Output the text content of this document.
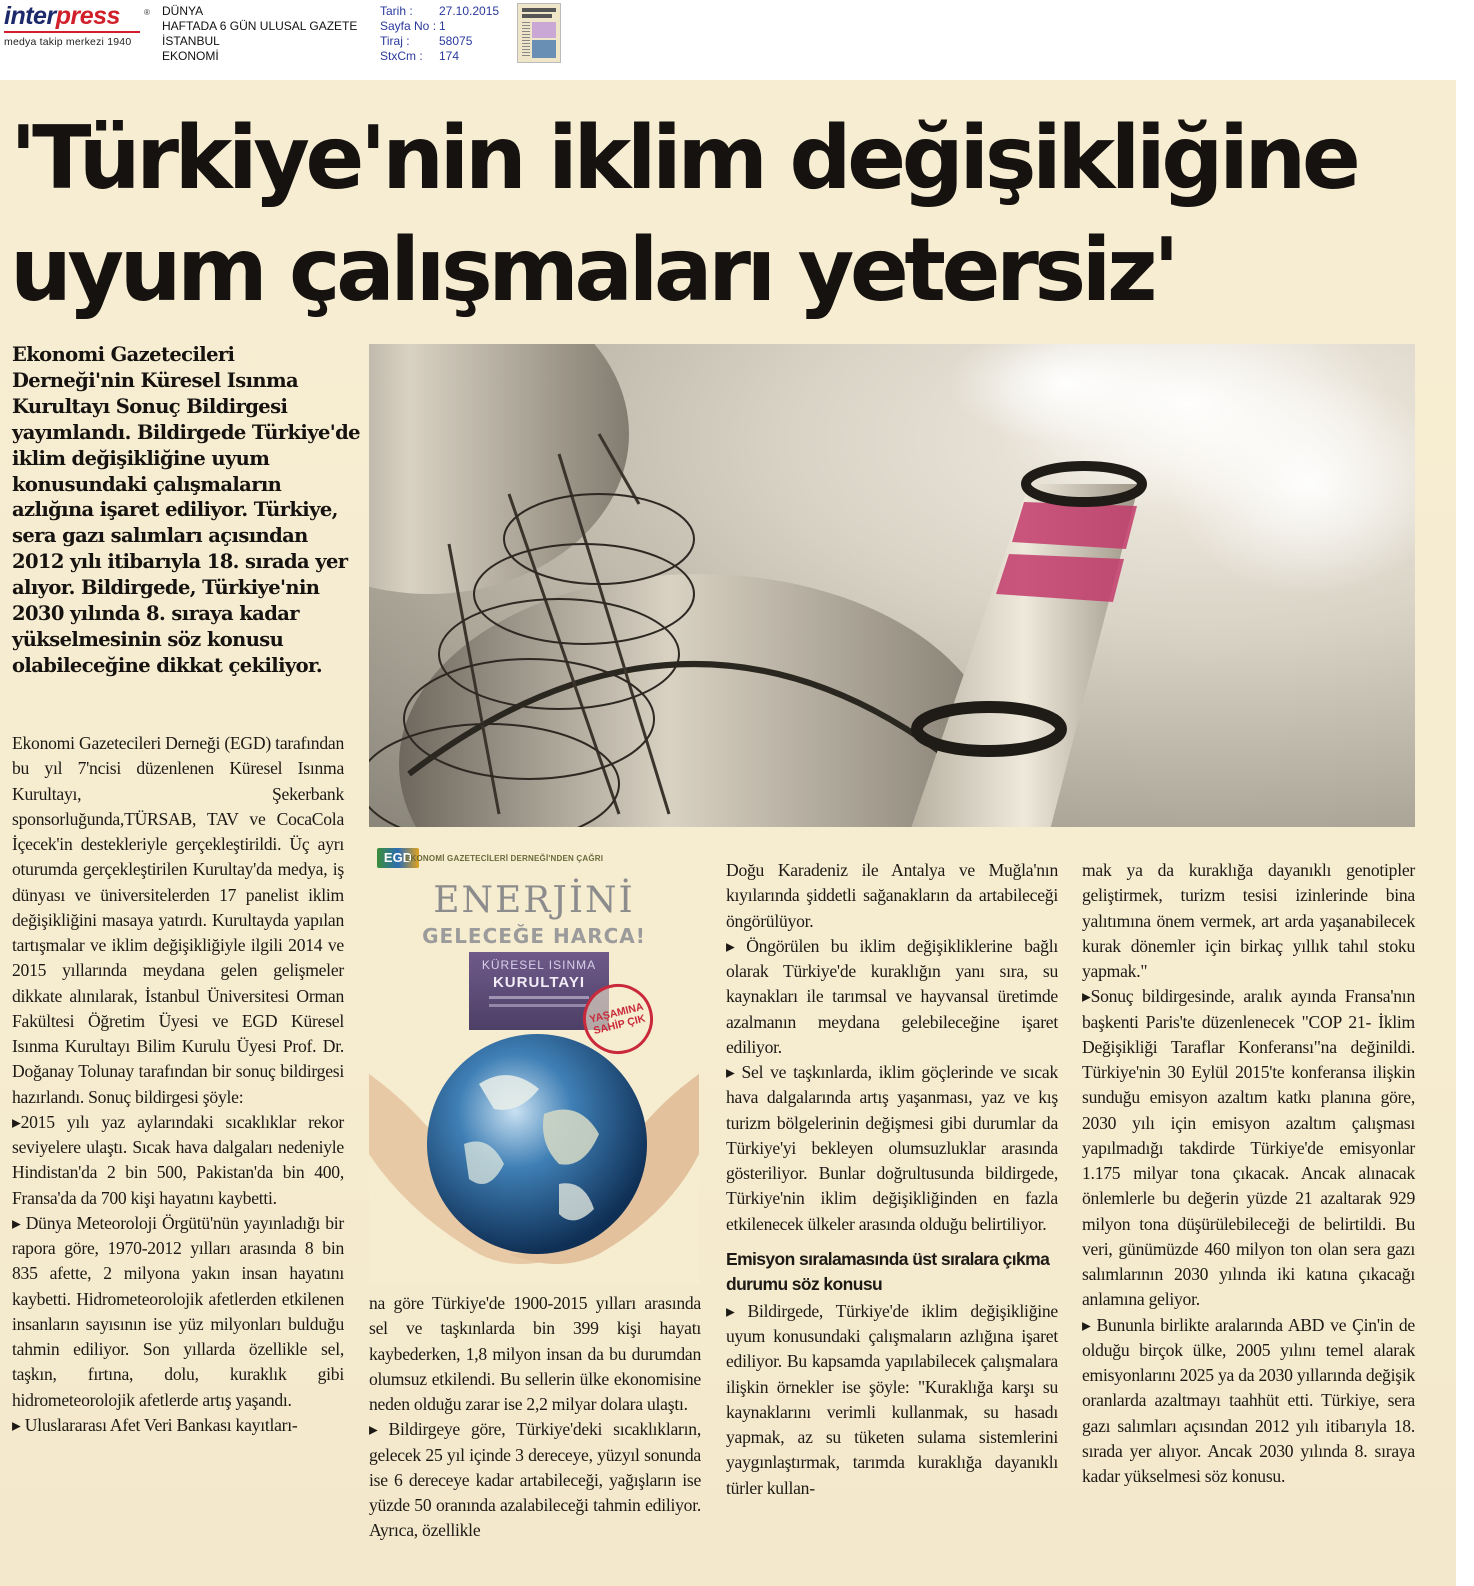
interpress	®
medya takip merkezi 1940
DÜNYA
HAFTADA 6 GÜN ULUSAL GAZETE
İSTANBUL
EKONOMİ
Tarih : 27.10.2015
Sayfa No : 1
Tiraj : 58075
StxCm : 174
'Türkiye'nin iklim değişikliğine
uyum çalışmaları yetersiz'
Ekonomi Gazetecileri Derneği'nin Küresel Isınma Kurultayı Sonuç Bildirgesi yayımlandı. Bildirgede Türkiye'de iklim değişikliğine uyum konusundaki çalışmaların azlığına işaret ediliyor. Türkiye, sera gazı salımları açısından 2012 yılı itibarıyla 18. sırada yer alıyor. Bildirgede, Türkiye'nin 2030 yılında 8. sıraya kadar yükselmesinin söz konusu olabileceğine dikkat çekiliyor.
EGD
EKONOMİ GAZETECİLERİ DERNEĞİ'NDEN ÇAĞRI
ENERJİNİ
GELECEĞE HARCA!
KÜRESEL ISINMA
KURULTAYI
YAŞAMINA SAHİP ÇIK

Ekonomi Gazetecileri Derneği (EGD) tarafından bu yıl 7'ncisi düzenlenen Küresel Isınma Kurultayı, Şekerbank sponsorluğunda,TÜRSAB, TAV ve CocaCola İçecek'in destekleriyle gerçekleştirildi. Üç ayrı oturumda gerçekleştirilen Kurultay'da medya, iş dünyası ve üniversitelerden 17 panelist iklim değişikliğini masaya yatırdı. Kurultayda yapılan tartışmalar ve iklim değişikliğiyle ilgili 2014 ve 2015 yıllarında meydana gelen gelişmeler dikkate alınılarak, İstanbul Üniversitesi Orman Fakültesi Öğretim Üyesi ve EGD Küresel Isınma Kurultayı Bilim Kurulu Üyesi Prof. Dr. Doğanay Tolunay tarafından bir sonuç bildirgesi hazırlandı. Sonuç bildirgesi şöyle:

▸2015 yılı yaz aylarındaki sıcaklıklar rekor seviyelere ulaştı. Sıcak hava dalgaları nedeniyle Hindistan'da 2 bin 500, Pakistan'da bin 400, Fransa'da da 700 kişi hayatını kaybetti.

▸ Dünya Meteoroloji Örgütü'nün yayınladığı bir rapora göre, 1970-2012 yılları arasında 8 bin 835 afette, 2 milyona yakın insan hayatını kaybetti. Hidrometeorolojik afetlerden etkilenen insanların sayısının ise yüz milyonları bulduğu tahmin ediliyor. Son yıllarda özellikle sel, taşkın, fırtına, dolu, kuraklık gibi hidrometeorolojik afetlerde artış yaşandı.

▸ Uluslararası Afet Veri Bankası kayıtları-

na göre Türkiye'de 1900-2015 yılları arasında sel ve taşkınlarda bin 399 kişi hayatı kaybederken, 1,8 milyon insan da bu durumdan olumsuz etkilendi. Bu sellerin ülke ekonomisine neden olduğu zarar ise 2,2 milyar dolara ulaştı.

▸ Bildirgeye göre, Türkiye'deki sıcaklıkların, gelecek 25 yıl içinde 3 dereceye, yüzyıl sonunda ise 6 dereceye kadar artabileceği, yağışların ise yüzde 50 oranında azalabileceği tahmin ediliyor. Ayrıca, özellikle

Doğu Karadeniz ile Antalya ve Muğla'nın kıyılarında şiddetli sağanakların da artabileceği öngörülüyor.

▸ Öngörülen bu iklim değişikliklerine bağlı olarak Türkiye'de kuraklığın yanı sıra, su kaynakları ile tarımsal ve hayvansal üretimde azalmanın meydana gelebileceğine işaret ediliyor.

▸ Sel ve taşkınlarda, iklim göçlerinde ve sıcak hava dalgalarında artış yaşanması, yaz ve kış turizm bölgelerinin değişmesi gibi durumlar da Türkiye'yi bekleyen olumsuzluklar arasında gösteriliyor. Bunlar doğrultusunda bildirgede, Türkiye'nin iklim değişikliğinden en fazla etkilenecek ülkeler arasında olduğu belirtiliyor.

Emisyon sıralamasında üst sıralara çıkma durumu söz konusu

▸ Bildirgede, Türkiye'de iklim değişikliğine uyum konusundaki çalışmaların azlığına işaret ediliyor. Bu kapsamda yapılabilecek çalışmalara ilişkin örnekler ise şöyle: "Kuraklığa karşı su kaynaklarını verimli kullanmak, su hasadı yapmak, az su tüketen sulama sistemlerini yaygınlaştırmak, tarımda kuraklığa dayanıklı türler kullan-

mak ya da kuraklığa dayanıklı genotipler geliştirmek, turizm tesisi izinlerinde bina yalıtımına önem vermek, art arda yaşanabilecek kurak dönemler için birkaç yıllık tahıl stoku yapmak."

▸Sonuç bildirgesinde, aralık ayında Fransa'nın başkenti Paris'te düzenlenecek "COP 21- İklim Değişikliği Taraflar Konferansı"na değinildi. Türkiye'nin 30 Eylül 2015'te konferansa ilişkin sunduğu emisyon azaltım katkı planına göre, 2030 yılı için emisyon azaltım çalışması yapılmadığı takdirde Türkiye'de emisyonlar 1.175 milyar tona çıkacak. Ancak alınacak önlemlerle bu değerin yüzde 21 azaltarak 929 milyon tona düşürülebileceği de belirtildi. Bu veri, günümüzde 460 milyon ton olan sera gazı salımlarının 2030 yılında iki katına çıkacağı anlamına geliyor.

▸ Bununla birlikte aralarında ABD ve Çin'in de olduğu birçok ülke, 2005 yılını temel alarak emisyonlarını 2025 ya da 2030 yıllarında değişik oranlarda azaltmayı taahhüt etti. Türkiye, sera gazı salımları açısından 2012 yılı itibarıyla 18. sırada yer alıyor. Ancak 2030 yılında 8. sıraya kadar yükselmesi söz konusu.
